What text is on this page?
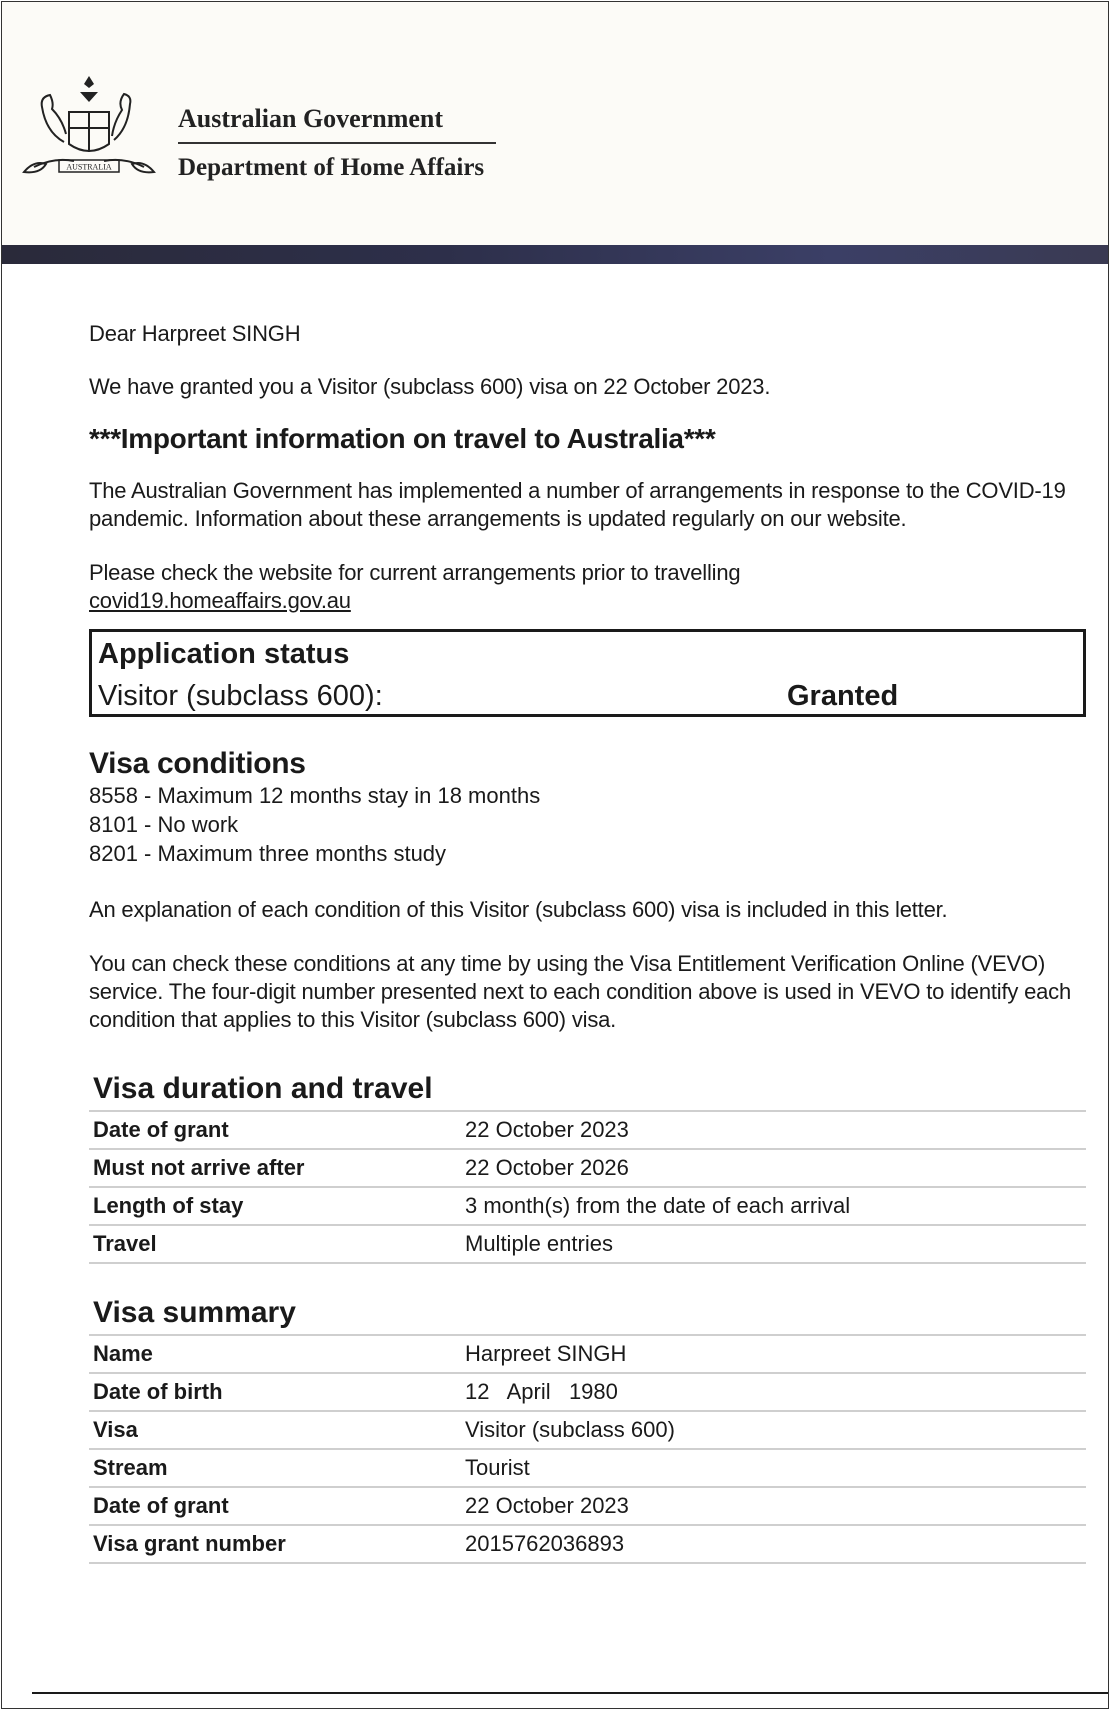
AUSTRALIA
Australian Government
Department of Home Affairs

Dear Harpreet SINGH

We have granted you a Visitor (subclass 600) visa on 22 October 2023.

***Important information on travel to Australia***

The Australian Government has implemented a number of arrangements in response to the COVID-19 pandemic. Information about these arrangements is updated regularly on our website.

Please check the website for current arrangements prior to travelling

covid19.homeaffairs.gov.au

Application status
Visitor (subclass 600):	Granted

Visa conditions

8558 - Maximum 12 months stay in 18 months
8101 - No work
8201 - Maximum three months study

An explanation of each condition of this Visitor (subclass 600) visa is included in this letter.

You can check these conditions at any time by using the Visa Entitlement Verification Online (VEVO) service. The four-digit number presented next to each condition above is used in VEVO to identify each condition that applies to this Visitor (subclass 600) visa.

Visa duration and travel

Date of grant	22 October 2023
Must not arrive after	22 October 2026
Length of stay	3 month(s) from the date of each arrival
Travel	Multiple entries

Visa summary

Name	Harpreet SINGH
Date of birth	12   April   1980
Visa	Visitor (subclass 600)
Stream	Tourist
Date of grant	22 October 2023
Visa grant number	2015762036893
